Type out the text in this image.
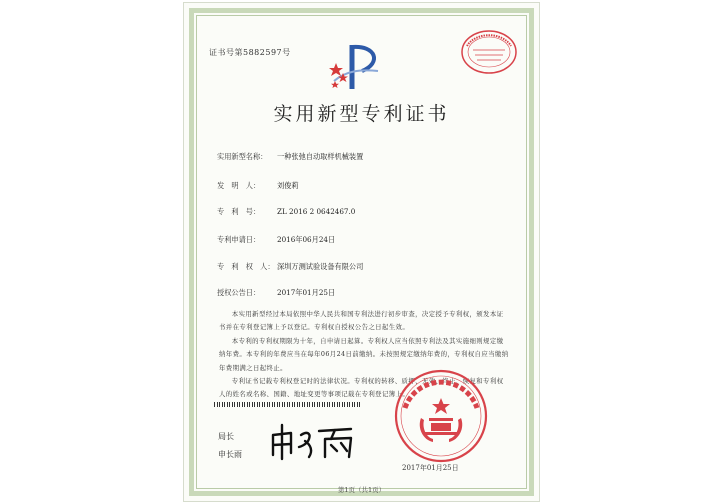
证书号第5882597号
实用新型专利证书
实用新型名称： 一种张弛自动取样机械装置
发　明　人： 刘俊莉
专　利　号： ZL 2016 2 0642467.0
专利申请日： 2016年06月24日
专　利　权　人： 深圳万测试验设备有限公司
授权公告日： 2017年01月25日

本实用新型经过本局依照中华人民共和国专利法进行初步审查，决定授予专利权，颁发本证书并在专利登记簿上予以登记。专利权自授权公告之日起生效。

本专利的专利权期限为十年，自申请日起算。专利权人应当依照专利法及其实施细则规定缴纳年费。本专利的年费应当在每年06月24日前缴纳。未按照规定缴纳年费的，专利权自应当缴纳年费期满之日起终止。

专利证书记载专利权登记时的法律状况。专利权的转移、质押、无效、终止、恢复和专利权人的姓名或名称、国籍、地址变更等事项记载在专利登记簿上。

局长
申长雨
2017年01月25日
第1页（共1页）
